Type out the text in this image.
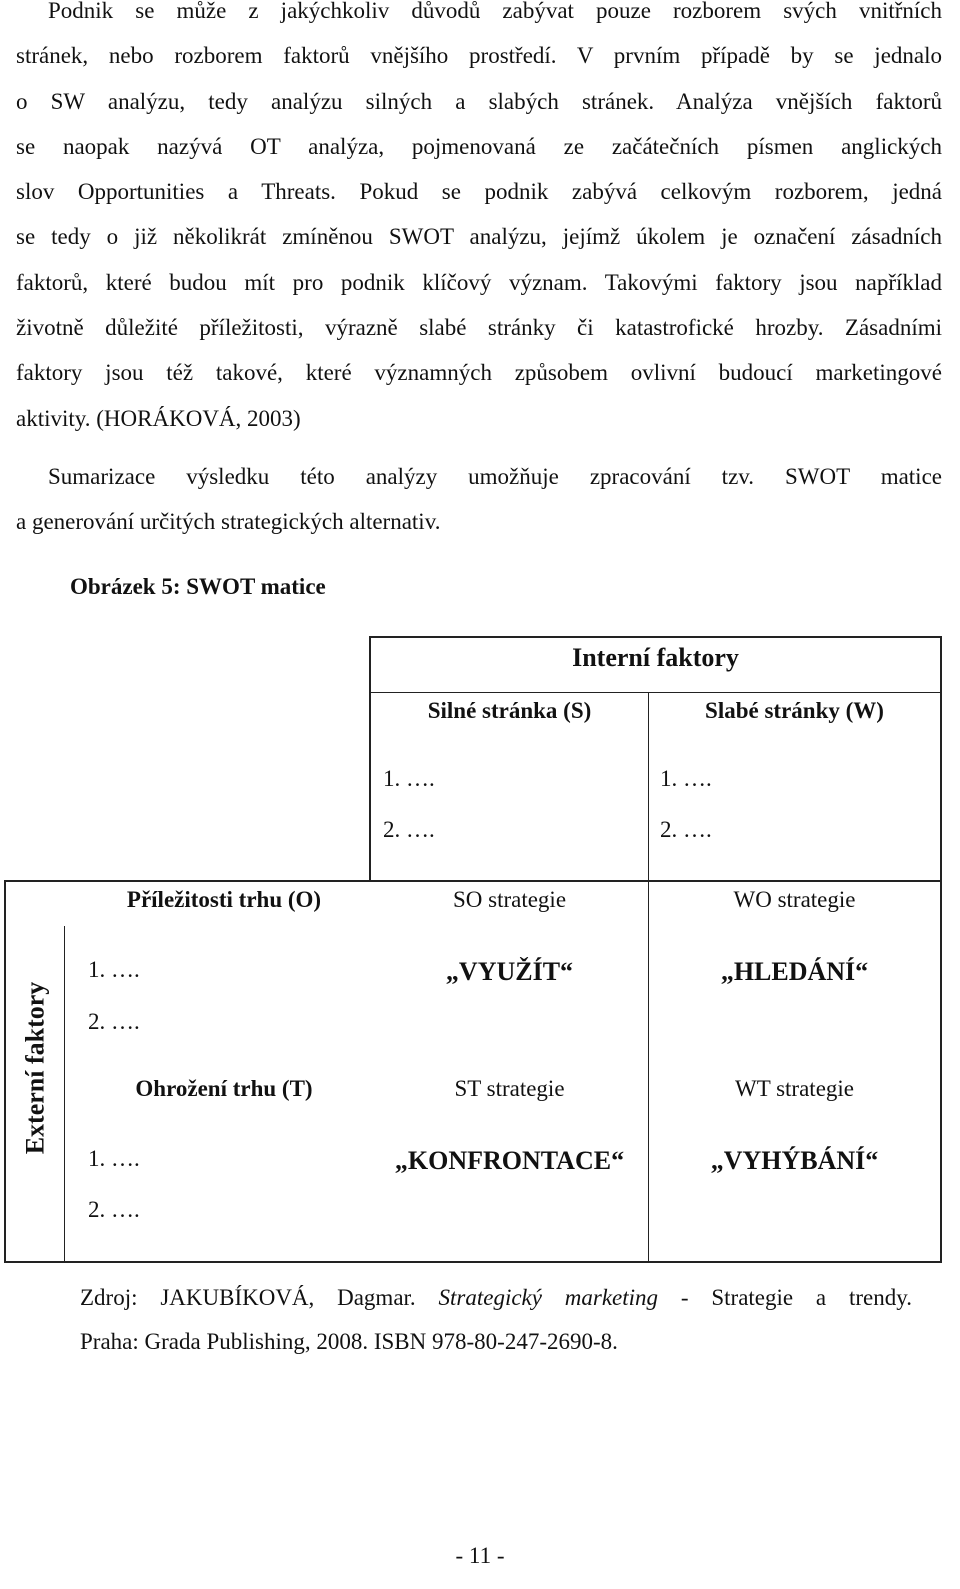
Podnik se může z jakýchkoliv důvodů zabývat pouze rozborem svých vnitřních
stránek, nebo rozborem faktorů vnějšího prostředí. V prvním případě by se jednalo
o SW analýzu, tedy analýzu silných a slabých stránek. Analýza vnějších faktorů
se naopak nazývá OT analýza, pojmenovaná ze začátečních písmen anglických
slov Opportunities a Threats. Pokud se podnik zabývá celkovým rozborem, jedná
se tedy o již několikrát zmíněnou SWOT analýzu, jejímž úkolem je označení zásadních
faktorů, které budou mít pro podnik klíčový význam. Takovými faktory jsou například
životně důležité příležitosti, výrazně slabé stránky či katastrofické hrozby. Zásadními
faktory jsou též takové, které významných způsobem ovlivní budoucí marketingové
aktivity. (HORÁKOVÁ, 2003)
Sumarizace výsledku této analýzy umožňuje zpracování tzv. SWOT matice
a generování určitých strategických alternativ.
Obrázek 5: SWOT matice
Interní faktory
Silné stránka (S)
1. ….
2. ….
Slabé stránky (W)
1. ….
2. ….
Externí faktory
Příležitosti trhu (O)
1. ….
2. ….
SO strategie
„VYUŽÍT“
WO strategie
„HLEDÁNÍ“
Ohrožení trhu (T)
1. ….
2. ….
ST strategie
„KONFRONTACE“
WT strategie
„VYHÝBÁNÍ“
Zdroj: JAKUBÍKOVÁ, Dagmar. Strategický marketing - Strategie a trendy.
Praha: Grada Publishing, 2008. ISBN 978-80-247-2690-8.
- 11 -
